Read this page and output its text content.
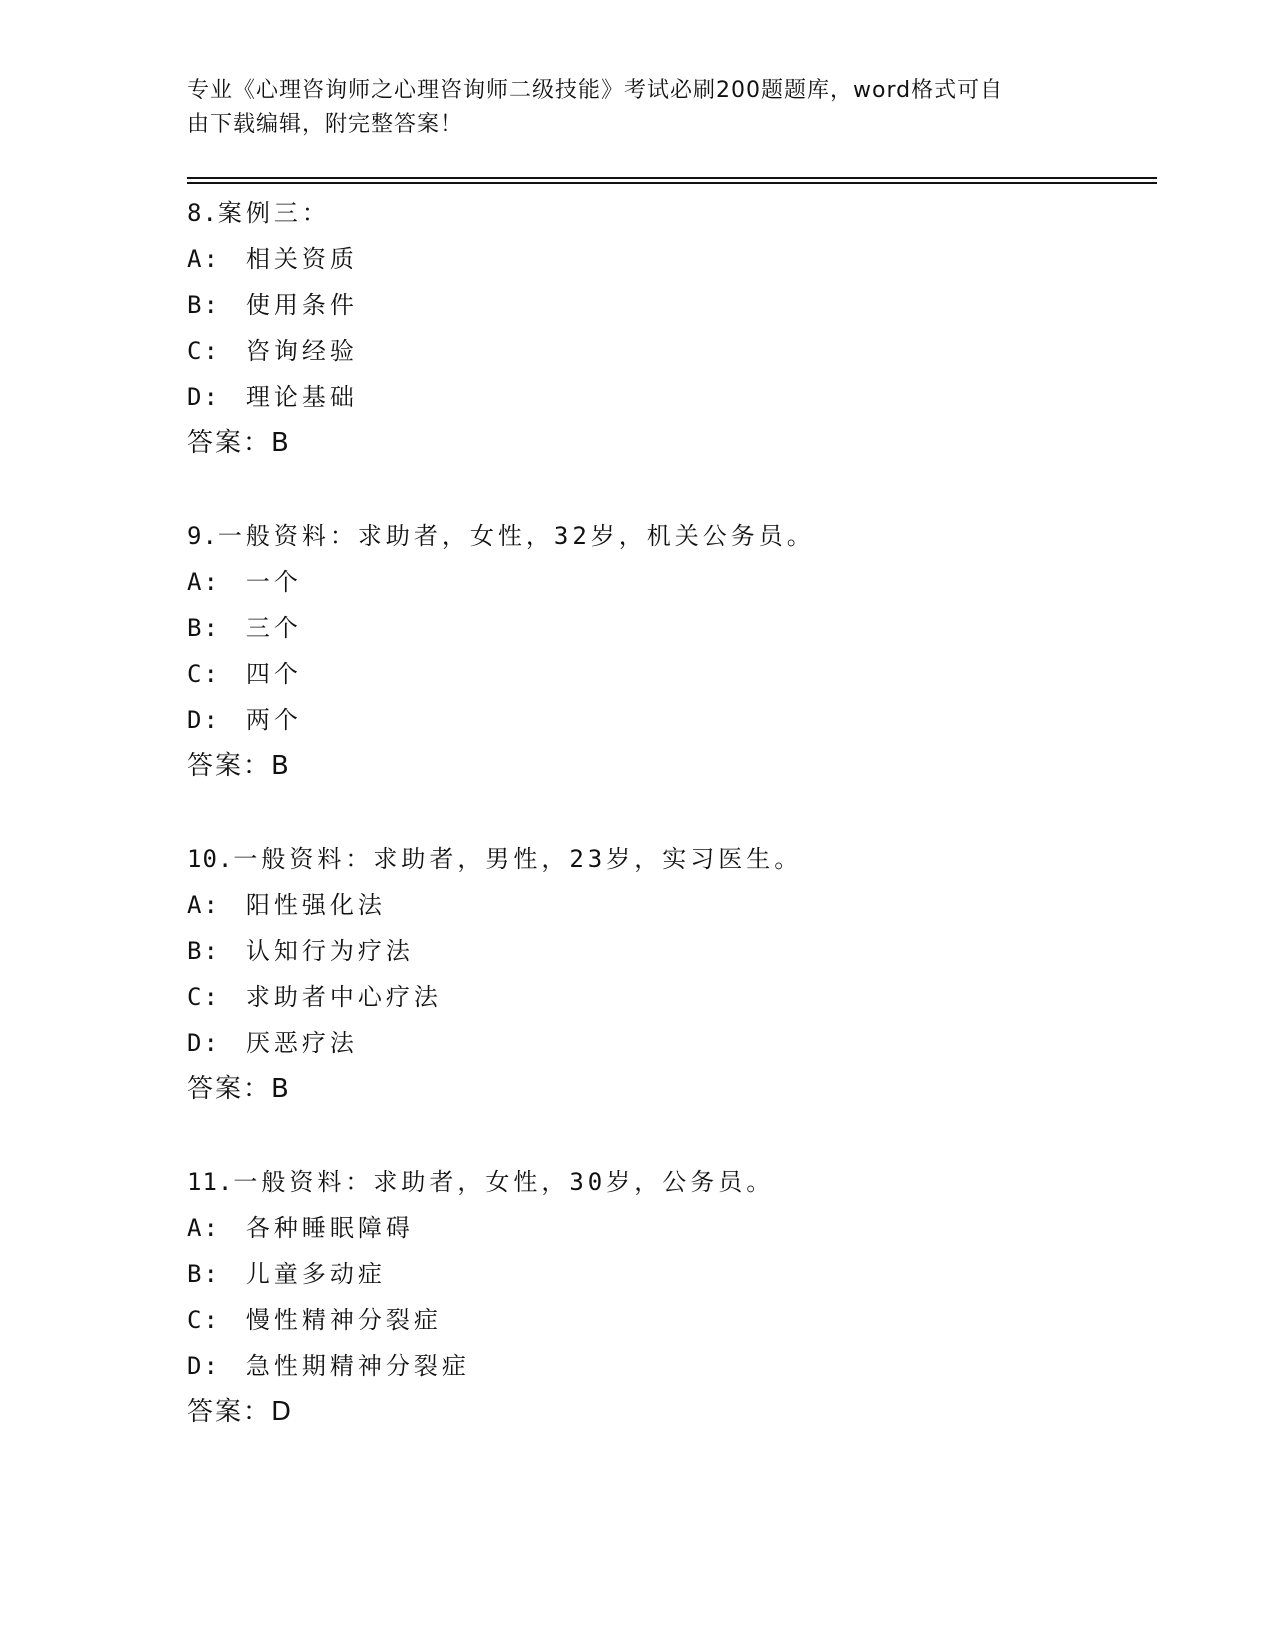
专业《心理咨询师之心理咨询师二级技能》考试必刷200题题库，word格式可自
由下载编辑，附完整答案！
8.案例三：
A: 相关资质
B: 使用条件
C: 咨询经验
D: 理论基础
答案：B
9.一般资料：求助者，女性，32岁，机关公务员。
A: 一个
B: 三个
C: 四个
D: 两个
答案：B
10.一般资料：求助者，男性，23岁，实习医生。
A: 阳性强化法
B: 认知行为疗法
C: 求助者中心疗法
D: 厌恶疗法
答案：B
11.一般资料：求助者，女性，30岁，公务员。
A: 各种睡眠障碍
B: 儿童多动症
C: 慢性精神分裂症
D: 急性期精神分裂症
答案：D
